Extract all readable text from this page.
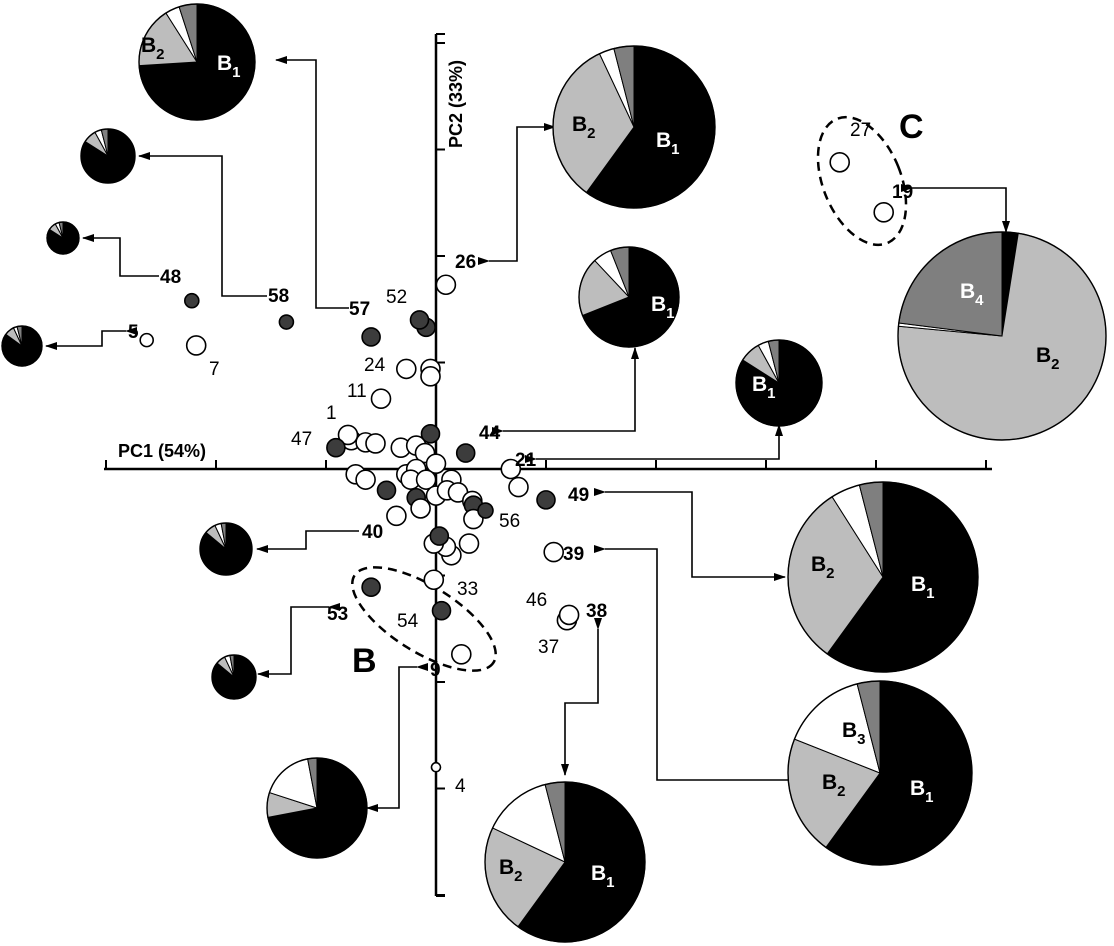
PC1 (54%)
PC2 (33%)
B
C
$B_1$
$B_2$
$B_1$
$B_2$
$B_1$
$B_1$
$B_4$
$B_2$
$B_1$
$B_2$
$B_1$
$B_2$
$B_3$
$B_1$
$B_2$
1
4
5
7
9
11
19
21
24
26
27
33
37
38
39
40
44
46
47
48
49
52
53	54
56
57
58
